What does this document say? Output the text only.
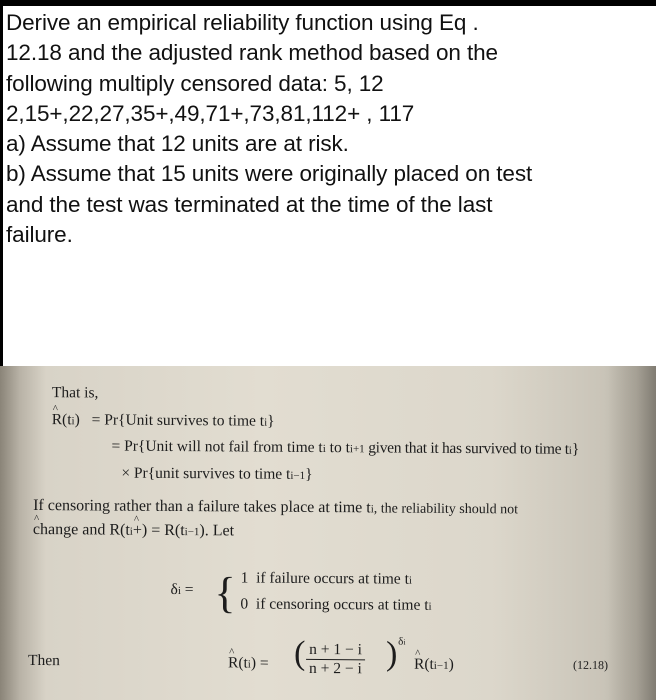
Derive an empirical reliability function using Eq .
12.18 and the adjusted rank method based on the
following multiply censored data: 5, 12
2,15+,22,27,35+,49,71+,73,81,112+ , 117
a) Assume that 12 units are at risk.
b) Assume that 15 units were originally placed on test
and the test was terminated at the time of the last
failure.
That is,
^ R(ti) = Pr{Unit survives to time ti}
= Pr{Unit will not fail from time ti to ti+1 given that it has survived to time ti}
× Pr{unit survives to time ti−1}
If censoring rather than a failure takes place at time ti, the reliability should not
^ change and R(ti^ +) = R(ti−1). Let
δi = { 1 if failure occurs at time ti
0 if censoring occurs at time ti
Then
^	R(ti) = ( $\frac{n + 1 - i}{n + 2 - i}$ ) δi
^ R(ti−1)	(12.18)
